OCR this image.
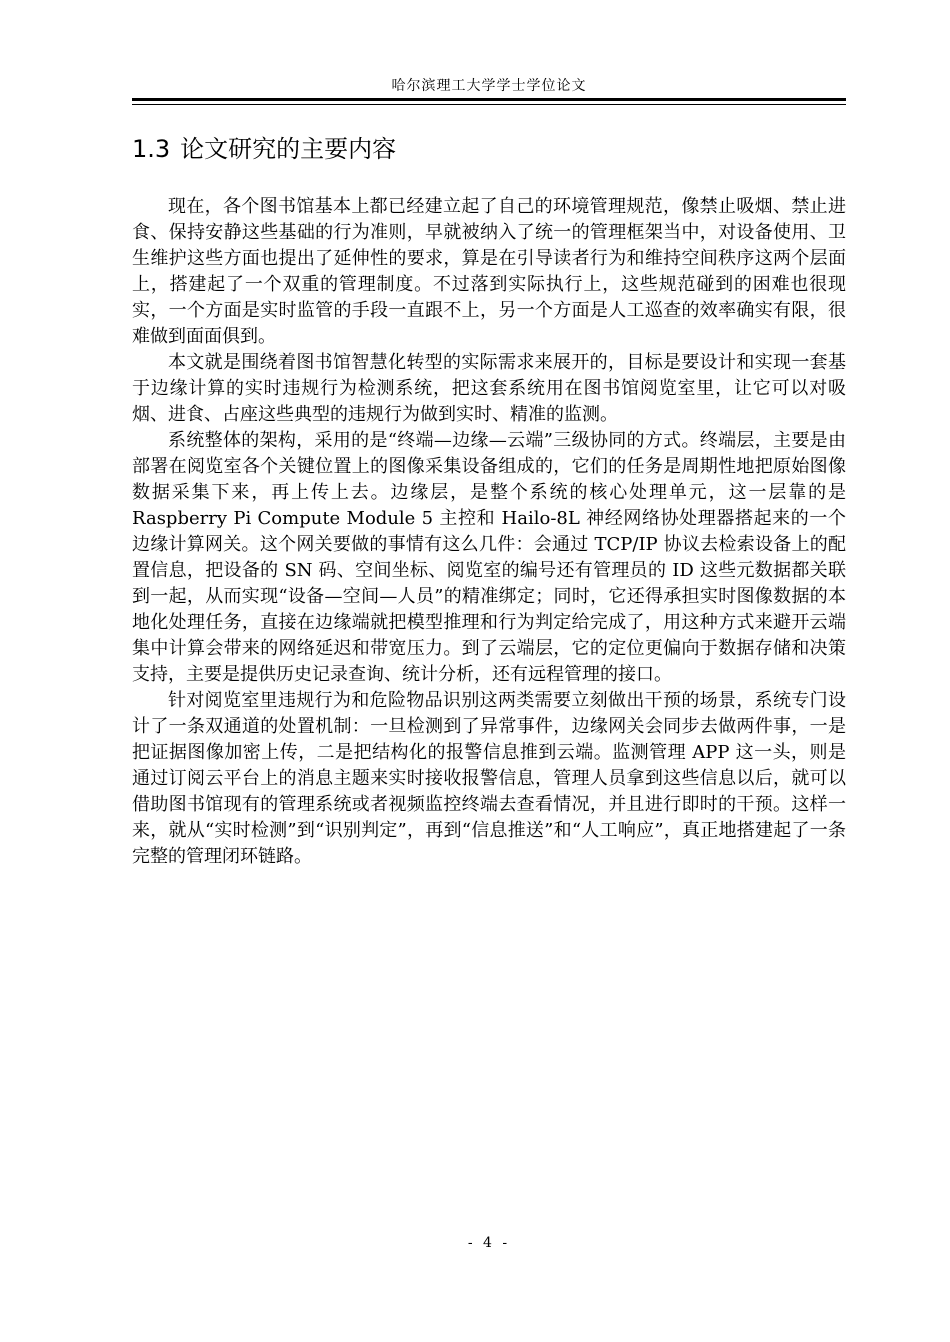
哈尔滨理工大学学士学位论文
1.3 论文研究的主要内容

现在，各个图书馆基本上都已经建立起了自己的环境管理规范，像禁止吸烟、禁止进食、保持安静这些基础的行为准则，早就被纳入了统一的管理框架当中，对设备使用、卫生维护这些方面也提出了延伸性的要求，算是在引导读者行为和维持空间秩序这两个层面上，搭建起了一个双重的管理制度。不过落到实际执行上，这些规范碰到的困难也很现实，一个方面是实时监管的手段一直跟不上，另一个方面是人工巡查的效率确实有限，很难做到面面俱到。

本文就是围绕着图书馆智慧化转型的实际需求来展开的，目标是要设计和实现一套基于边缘计算的实时违规行为检测系统，把这套系统用在图书馆阅览室里，让它可以对吸烟、进食、占座这些典型的违规行为做到实时、精准的监测。

系统整体的架构，采用的是“终端—边缘—云端”三级协同的方式。终端层，主要是由部署在阅览室各个关键位置上的图像采集设备组成的，它们的任务是周期性地把原始图像数据采集下来，再上传上去。边缘层，是整个系统的核心处理单元，这一层靠的是 Raspberry Pi Compute Module 5 主控和 Hailo-8L 神经网络协处理器搭起来的一个边缘计算网关。这个网关要做的事情有这么几件：会通过 TCP/IP 协议去检索设备上的配置信息，把设备的 SN 码、空间坐标、阅览室的编号还有管理员的 ID 这些元数据都关联到一起，从而实现“设备—空间—人员”的精准绑定；同时，它还得承担实时图像数据的本地化处理任务，直接在边缘端就把模型推理和行为判定给完成了，用这种方式来避开云端集中计算会带来的网络延迟和带宽压力。到了云端层，它的定位更偏向于数据存储和决策支持，主要是提供历史记录查询、统计分析，还有远程管理的接口。

针对阅览室里违规行为和危险物品识别这两类需要立刻做出干预的场景，系统专门设计了一条双通道的处置机制：一旦检测到了异常事件，边缘网关会同步去做两件事，一是把证据图像加密上传，二是把结构化的报警信息推到云端。监测管理 APP 这一头，则是通过订阅云平台上的消息主题来实时接收报警信息，管理人员拿到这些信息以后，就可以借助图书馆现有的管理系统或者视频监控终端去查看情况，并且进行即时的干预。这样一来，就从“实时检测”到“识别判定”，再到“信息推送”和“人工响应”，真正地搭建起了一条完整的管理闭环链路。

- 4 -
